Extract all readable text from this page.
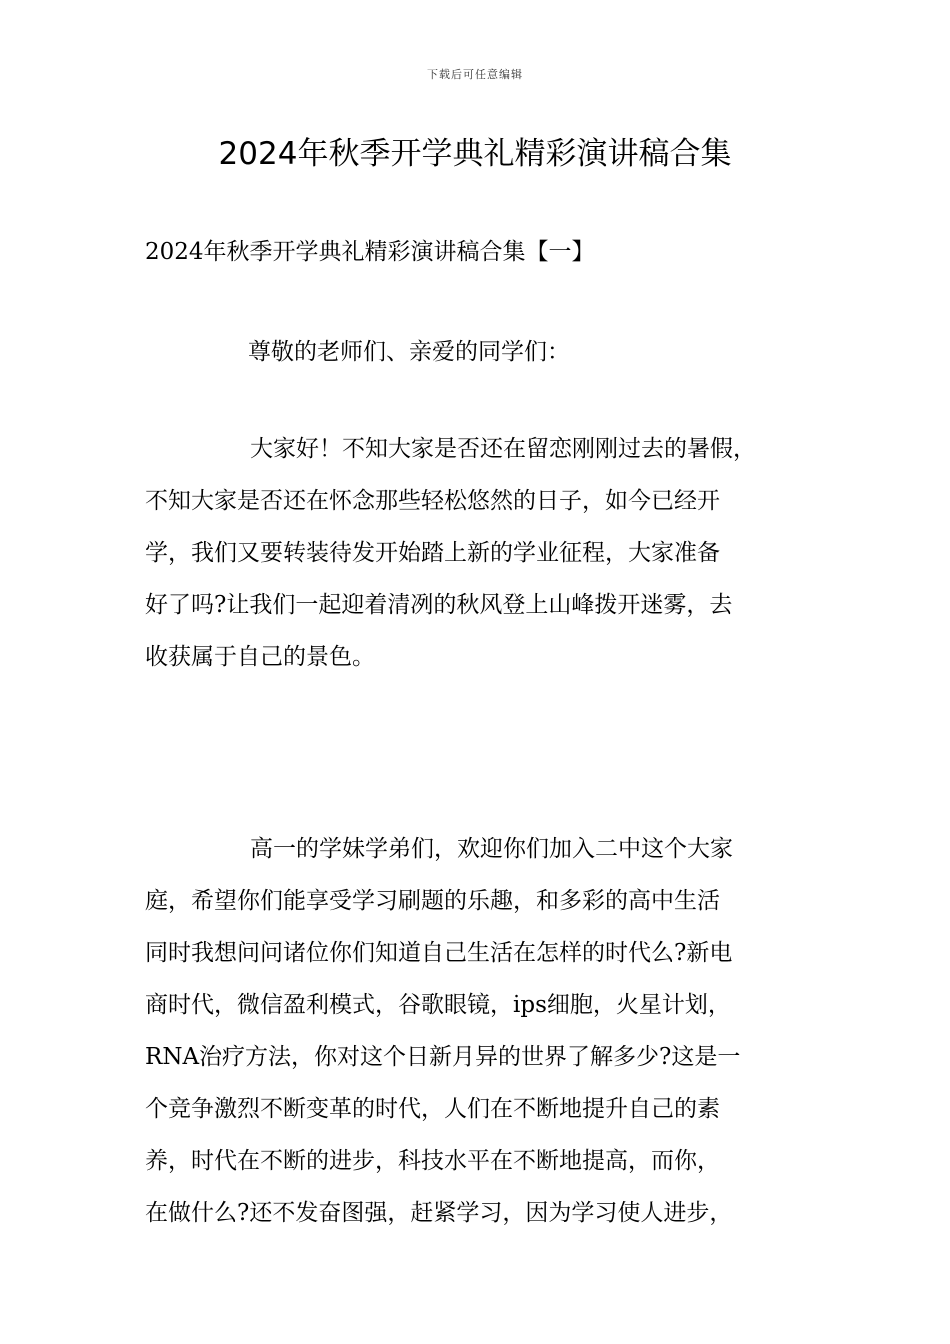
下载后可任意编辑
2024年秋季开学典礼精彩演讲稿合集
2024年秋季开学典礼精彩演讲稿合集【一】
尊敬的老师们、亲爱的同学们：
大家好！不知大家是否还在留恋刚刚过去的暑假，
不知大家是否还在怀念那些轻松悠然的日子，如今已经开
学，我们又要转装待发开始踏上新的学业征程，大家准备
好了吗?让我们一起迎着清冽的秋风登上山峰拨开迷雾，去
收获属于自己的景色。
高一的学妹学弟们，欢迎你们加入二中这个大家
庭，希望你们能享受学习刷题的乐趣，和多彩的高中生活
同时我想问问诸位你们知道自己生活在怎样的时代么?新电
商时代，微信盈利模式，谷歌眼镜，ips细胞，火星计划，
RNA治疗方法，你对这个日新月异的世界了解多少?这是一
个竞争激烈不断变革的时代，人们在不断地提升自己的素
养，时代在不断的进步，科技水平在不断地提高，而你，
在做什么?还不发奋图强，赶紧学习，因为学习使人进步，
